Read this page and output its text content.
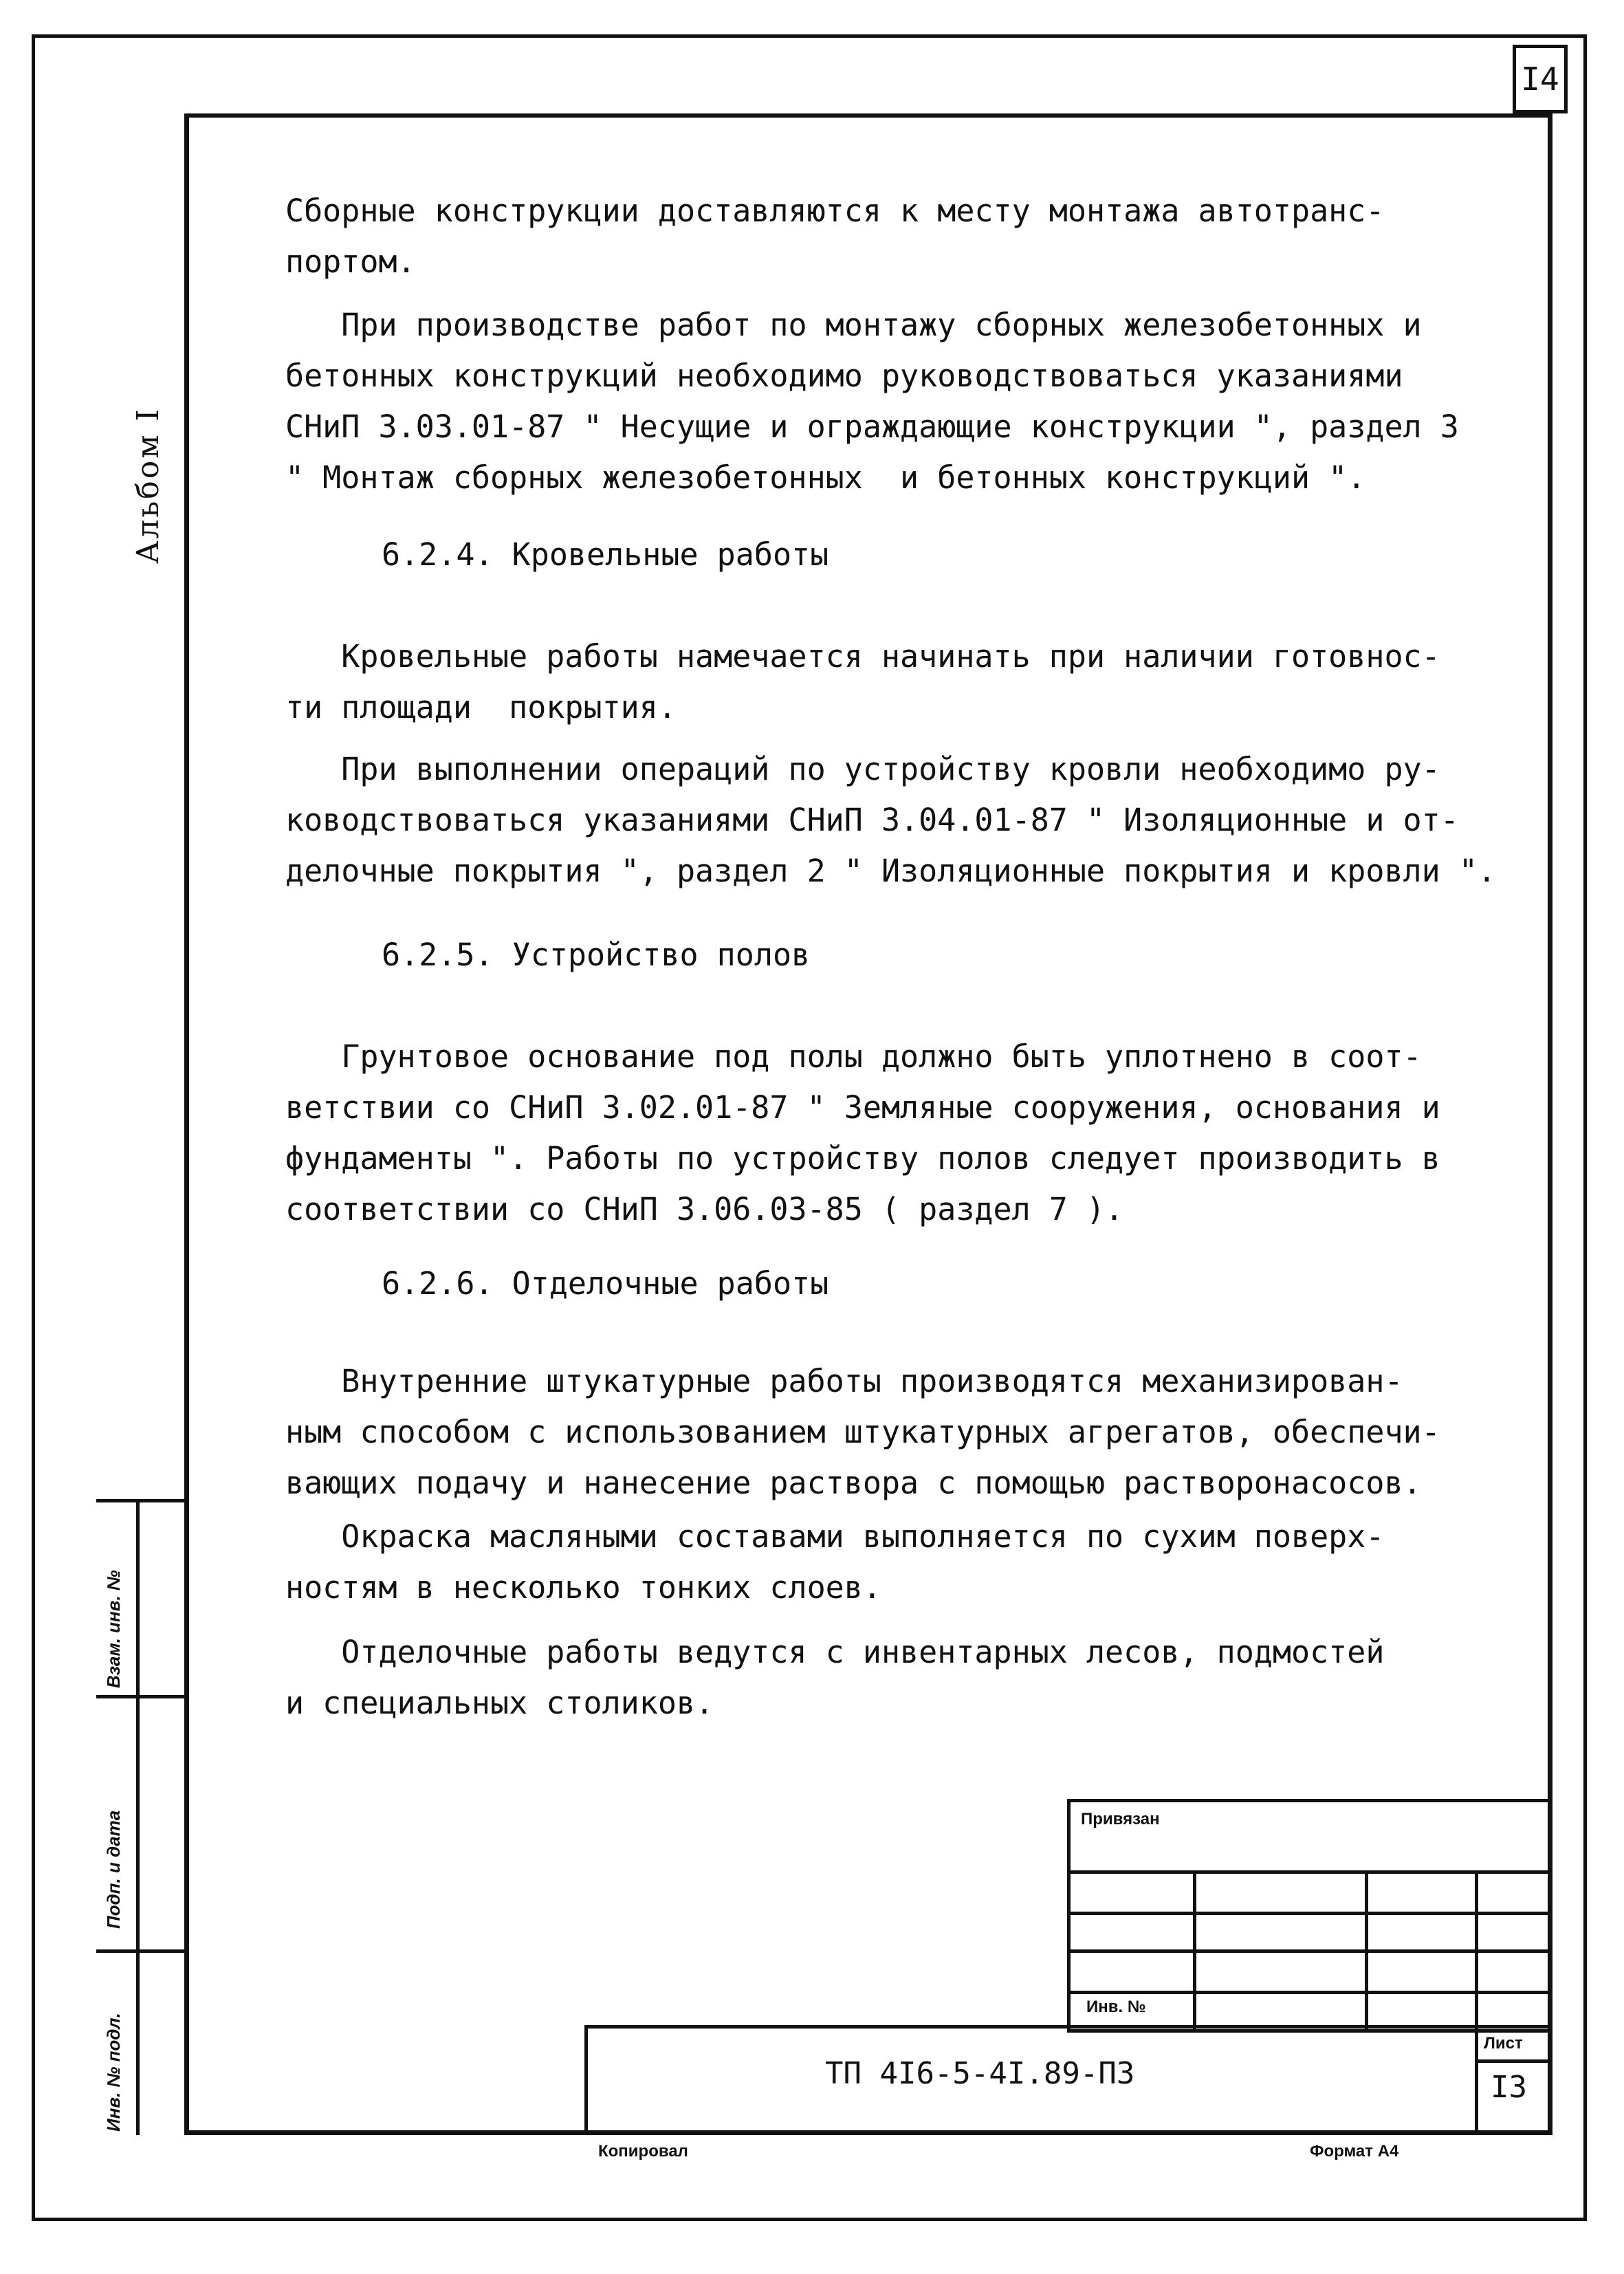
I4
Альбом I
Сборные конструкции доставляются к месту монтажа автотранс-
портом.
При производстве работ по монтажу сборных железобетонных и
бетонных конструкций необходимо руководствоваться указаниями
СНиП 3.03.01-87 " Несущие и ограждающие конструкции ", раздел 3
" Монтаж сборных железобетонных  и бетонных конструкций ".
6.2.4. Кровельные работы
Кровельные работы намечается начинать при наличии готовнос-
ти площади  покрытия.
При выполнении операций по устройству кровли необходимо ру-
ководствоваться указаниями СНиП 3.04.01-87 " Изоляционные и от-
делочные покрытия ", раздел 2 " Изоляционные покрытия и кровли ".
6.2.5. Устройство полов
Грунтовое основание под полы должно быть уплотнено в соот-
ветствии со СНиП 3.02.01-87 " Земляные сооружения, основания и
фундаменты ". Работы по устройству полов следует производить в
соответствии со СНиП 3.06.03-85 ( раздел 7 ).
6.2.6. Отделочные работы
Внутренние штукатурные работы производятся механизирован-
ным способом с использованием штукатурных агрегатов, обеспечи-
вающих подачу и нанесение раствора с помощью растворонасосов.
Окраска масляными составами выполняется по сухим поверх-
ностям в несколько тонких слоев.
Отделочные работы ведутся с инвентарных лесов, подмостей
и специальных столиков.
Взам. инв. №
Подп. и дата
Инв. № подл.
Привязан
Инв. №
ТП 4I6-5-4I.89-ПЗ
Лист
I3
Копировал	Формат A4
